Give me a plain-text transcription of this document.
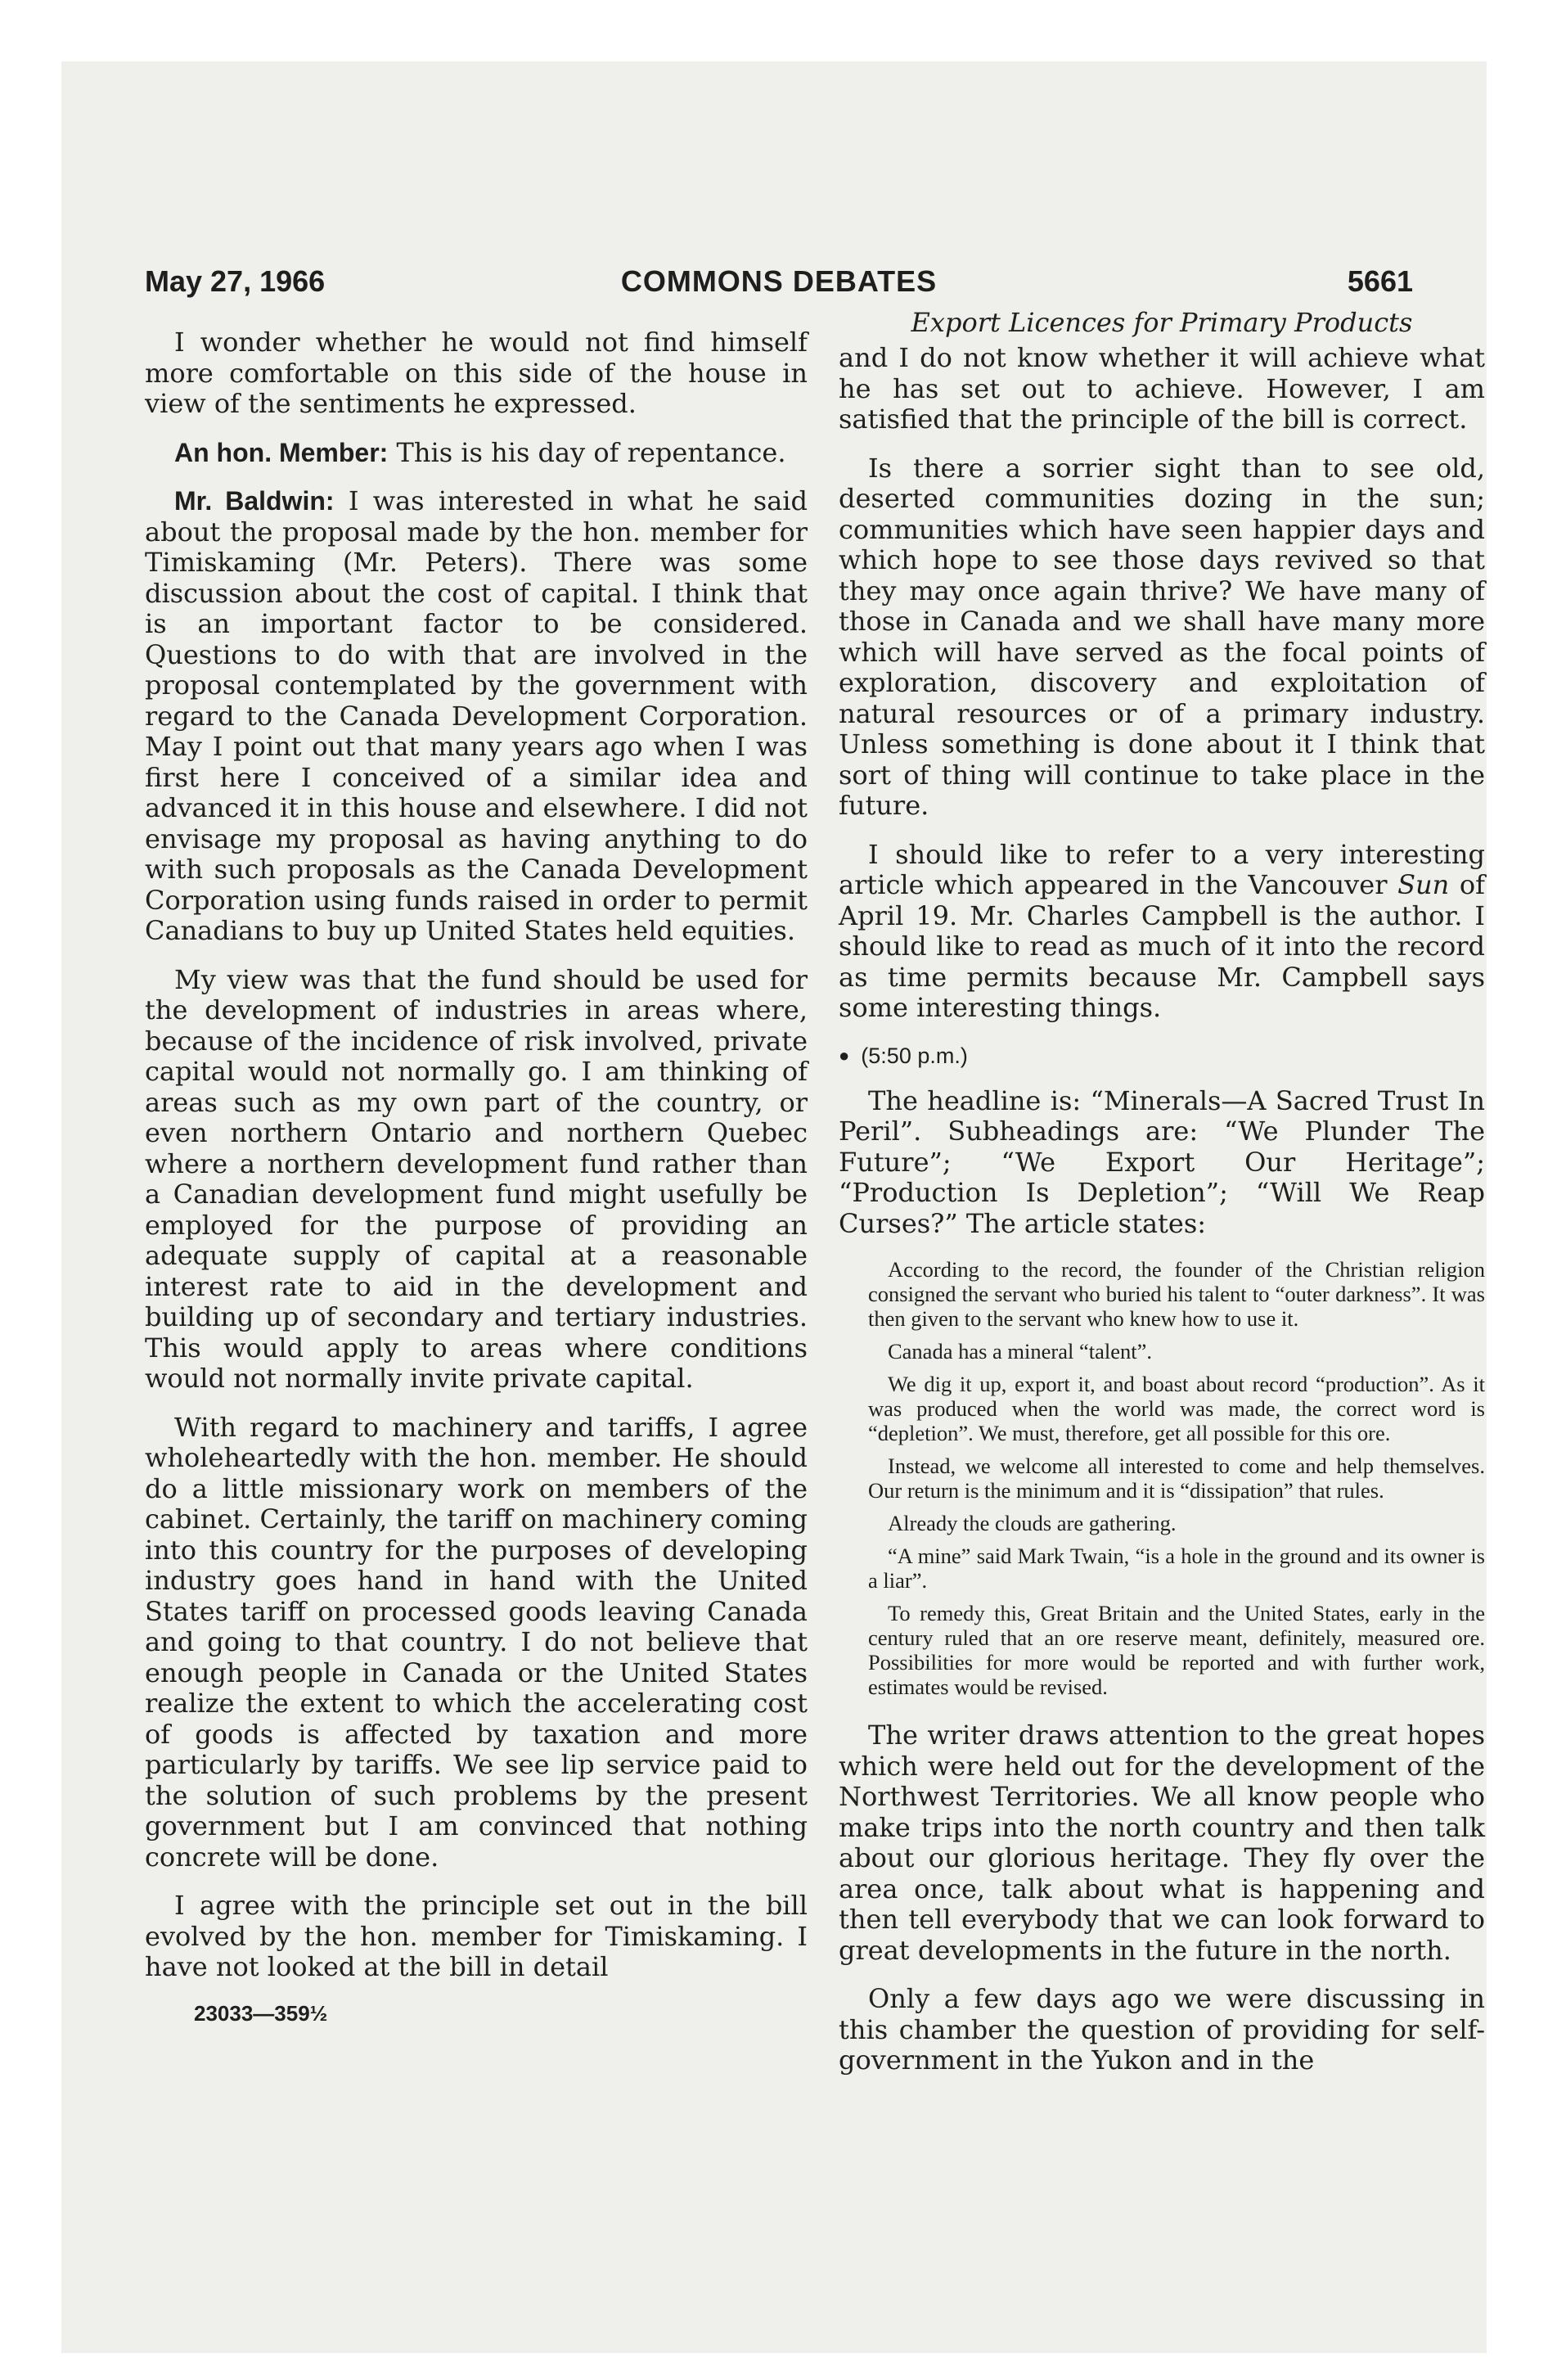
May 27, 1966	COMMONS DEBATES	5661

I wonder whether he would not find himself more comfortable on this side of the house in view of the sentiments he expressed.

An hon. Member: This is his day of repentance.

Mr. Baldwin: I was interested in what he said about the proposal made by the hon. member for Timiskaming (Mr. Peters). There was some discussion about the cost of capital. I think that is an important factor to be considered. Questions to do with that are involved in the proposal contemplated by the government with regard to the Canada Development Corporation. May I point out that many years ago when I was first here I conceived of a similar idea and advanced it in this house and elsewhere. I did not envisage my proposal as having anything to do with such proposals as the Canada Development Corporation using funds raised in order to permit Canadians to buy up United States held equities.

My view was that the fund should be used for the development of industries in areas where, because of the incidence of risk involved, private capital would not normally go. I am thinking of areas such as my own part of the country, or even northern Ontario and northern Quebec where a northern development fund rather than a Canadian development fund might usefully be employed for the purpose of providing an adequate supply of capital at a reasonable interest rate to aid in the development and building up of secondary and tertiary industries. This would apply to areas where conditions would not normally invite private capital.

With regard to machinery and tariffs, I agree wholeheartedly with the hon. member. He should do a little missionary work on members of the cabinet. Certainly, the tariff on machinery coming into this country for the purposes of developing industry goes hand in hand with the United States tariff on processed goods leaving Canada and going to that country. I do not believe that enough people in Canada or the United States realize the extent to which the accelerating cost of goods is affected by taxation and more particularly by tariffs. We see lip service paid to the solution of such problems by the present government but I am convinced that nothing concrete will be done.

I agree with the principle set out in the bill evolved by the hon. member for Timiskaming. I have not looked at the bill in detail

23033—359½
Export Licences for Primary Products

and I do not know whether it will achieve what he has set out to achieve. However, I am satisfied that the principle of the bill is correct.

Is there a sorrier sight than to see old, deserted communities dozing in the sun; communities which have seen happier days and which hope to see those days revived so that they may once again thrive? We have many of those in Canada and we shall have many more which will have served as the focal points of exploration, discovery and exploitation of natural resources or of a primary industry. Unless something is done about it I think that sort of thing will continue to take place in the future.

I should like to refer to a very interesting article which appeared in the Vancouver Sun of April 19. Mr. Charles Campbell is the author. I should like to read as much of it into the record as time permits because Mr. Campbell says some interesting things.

● (5:50 p.m.)

The headline is: “Minerals—A Sacred Trust In Peril”. Subheadings are: “We Plunder The Future”; “We Export Our Heritage”; “Production Is Depletion”; “Will We Reap Curses?” The article states:

According to the record, the founder of the Christian religion consigned the servant who buried his talent to “outer darkness”. It was then given to the servant who knew how to use it.

Canada has a mineral “talent”.

We dig it up, export it, and boast about record “production”. As it was produced when the world was made, the correct word is “depletion”. We must, therefore, get all possible for this ore.

Instead, we welcome all interested to come and help themselves. Our return is the minimum and it is “dissipation” that rules.

Already the clouds are gathering.

“A mine” said Mark Twain, “is a hole in the ground and its owner is a liar”.

To remedy this, Great Britain and the United States, early in the century ruled that an ore reserve meant, definitely, measured ore. Possibilities for more would be reported and with further work, estimates would be revised.

The writer draws attention to the great hopes which were held out for the development of the Northwest Territories. We all know people who make trips into the north country and then talk about our glorious heritage. They fly over the area once, talk about what is happening and then tell everybody that we can look forward to great developments in the future in the north.

Only a few days ago we were discussing in this chamber the question of providing for self-government in the Yukon and in the
